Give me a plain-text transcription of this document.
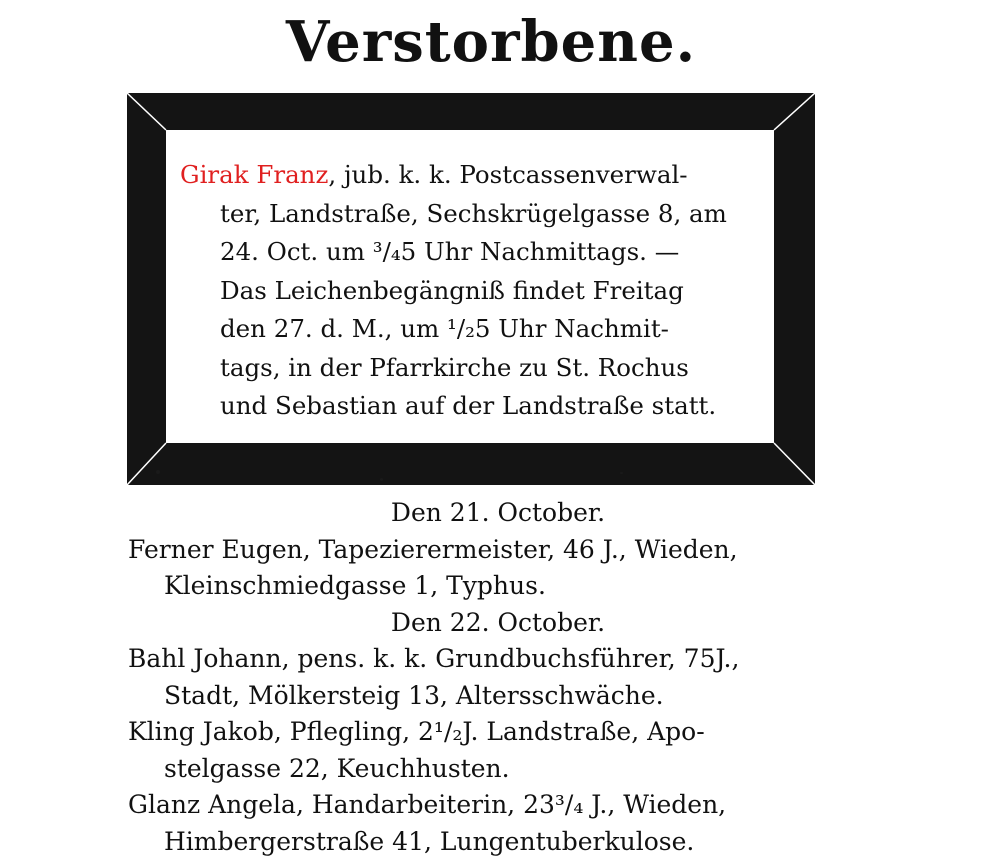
Verstorbene.
Girak Franz, jub. k. k. Postcassenverwal-
ter, Landstraße, Sechskrügelgasse 8, am
24. Oct. um ³/₄5 Uhr Nachmittags. —
Das Leichenbegängniß findet Freitag
den 27. d. M., um ¹/₂5 Uhr Nachmit-
tags, in der Pfarrkirche zu St. Rochus
und Sebastian auf der Landstraße statt.
Den 21. October.
Ferner Eugen, Tapezierermeister, 46 J., Wieden,
Kleinschmiedgasse 1, Typhus.
Den 22. October.
Bahl Johann, pens. k. k. Grundbuchsführer, 75J.,
Stadt, Mölkersteig 13, Altersschwäche.
Kling Jakob, Pflegling, 2¹/₂J. Landstraße, Apo-
stelgasse 22, Keuchhusten.
Glanz Angela, Handarbeiterin, 23³/₄ J., Wieden,
Himbergerstraße 41, Lungentuberkulose.
